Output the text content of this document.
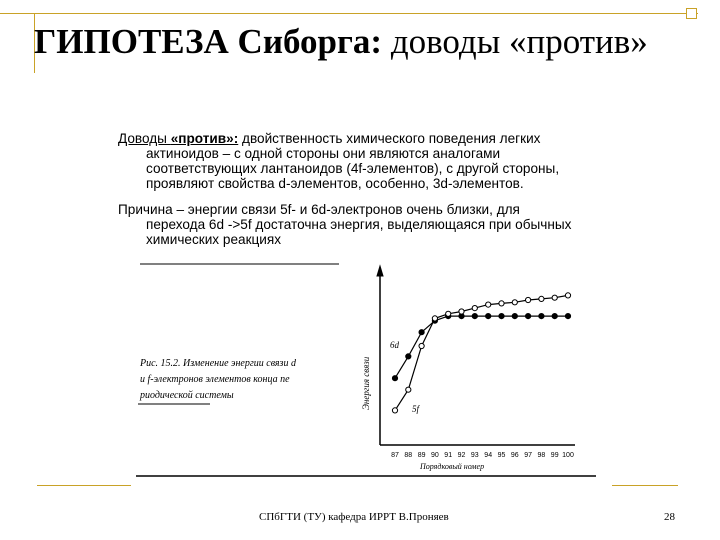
ГИПОТЕЗА Сиборга: доводы «против»

Доводы «против»: двойственность химического поведения легких
актиноидов – с одной стороны они являются аналогами
соответствующих лантаноидов (4f-элементов), с другой стороны,
проявляют свойства d-элементов, особенно, 3d-элементов.

Причина – энергии связи 5f- и 6d-электронов очень близки, для
перехода 6d ->5f достаточна энергия, выделяющаяся при обычных
химических реакциях

Рис. 15.2. Изменение энергии связи d
и f-электронов элементов конца пе
риодической системы	Энергия связи
Порядковый номер
6d
5f
87 88 89 90 91 92 93 94 95 96 97 98 99 100
СПбГТИ (ТУ) кафедра ИРРТ В.Проняев	28
